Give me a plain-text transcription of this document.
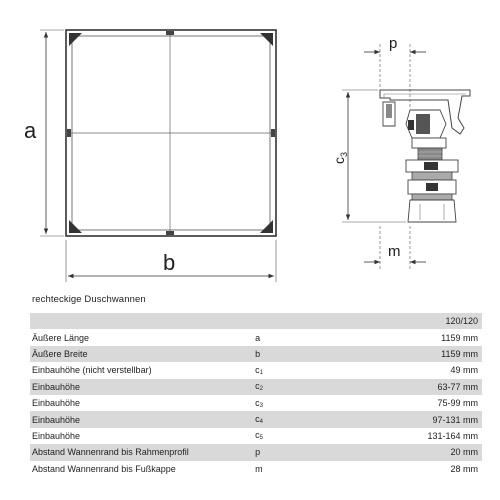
a
b
p
$c_3$
m
rechteckige Duschwannen
		120/120
Äußere Länge	a	1159 mm
Äußere Breite	b	1159 mm
Einbauhöhe (nicht verstellbar)	$c_1$	49 mm
Einbauhöhe	$c_2$	63-77 mm
Einbauhöhe	$c_3$	75-99 mm
Einbauhöhe	$c_4$	97-131 mm
Einbauhöhe	$c_5$	131-164 mm
Abstand Wannenrand bis Rahmenprofil	p	20 mm
Abstand Wannenrand bis Fußkappe	m	28 mm
